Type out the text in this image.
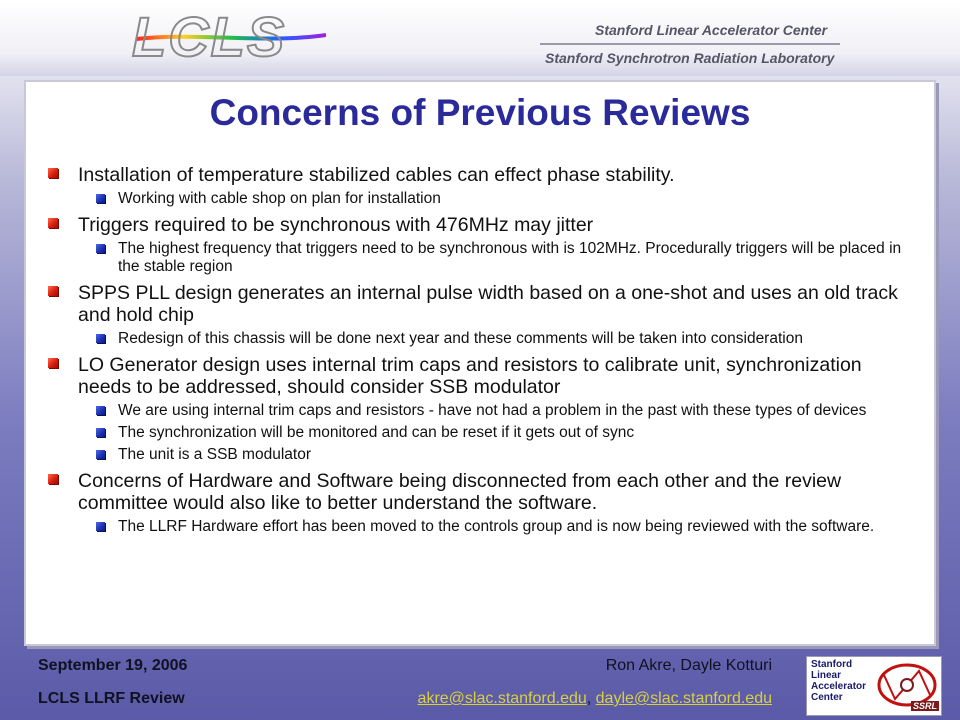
LCLS	Stanford Linear Accelerator Center
Stanford Synchrotron Radiation Laboratory
Concerns of Previous Reviews
Installation of temperature stabilized cables can effect phase stability.
Working with cable shop on plan for installation
Triggers required to be synchronous with 476MHz may jitter
The highest frequency that triggers need to be synchronous with is 102MHz. Procedurally triggers will be placed in the stable region
SPPS PLL design generates an internal pulse width based on a one-shot and uses an old track and hold chip
Redesign of this chassis will be done next year and these comments will be taken into consideration
LO Generator design uses internal trim caps and resistors to calibrate unit, synchronization needs to be addressed, should consider SSB modulator
We are using internal trim caps and resistors - have not had a problem in the past with these types of devices
The synchronization will be monitored and can be reset if it gets out of sync
The unit is a SSB modulator
Concerns of Hardware and Software being disconnected from each other and the review committee would also like to better understand the software.
The LLRF Hardware effort has been moved to the controls group and is now being reviewed with the software.
September 19, 2006
LCLS LLRF Review
Ron Akre, Dayle Kotturi
akre@slac.stanford.edu, dayle@slac.stanford.edu
Stanford
Linear
Accelerator
Center
SSRL
